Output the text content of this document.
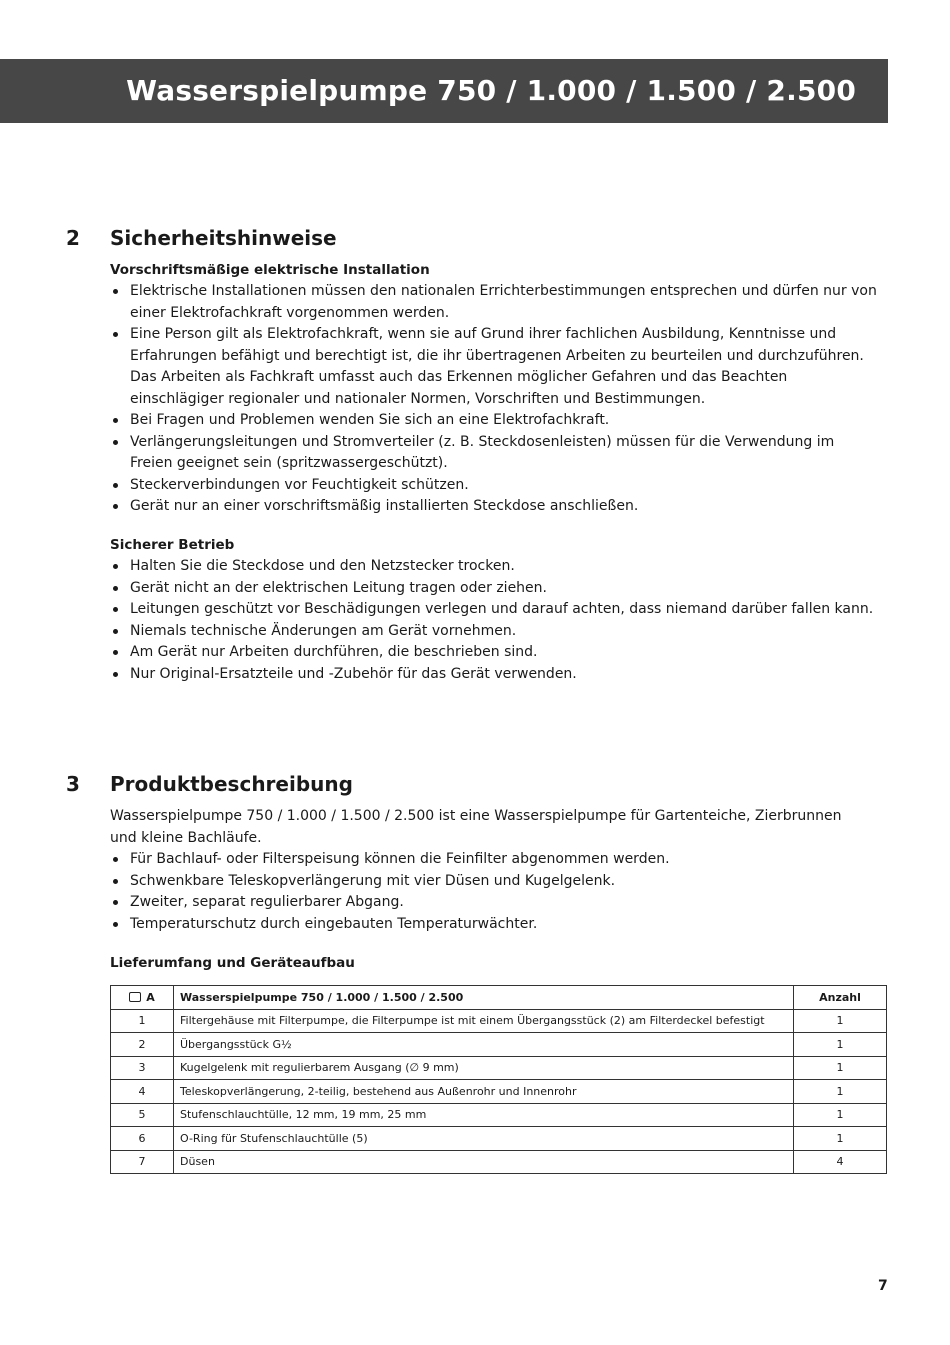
Wasserspielpumpe 750 / 1.000 / 1.500 / 2.500
2 Sicherheitshinweise

Vorschriftsmäßige elektrische Installation

Elektrische Installationen müssen den nationalen Errichterbestimmungen entsprechen und dürfen nur von einer Elektrofachkraft vorgenommen werden.
Eine Person gilt als Elektrofachkraft, wenn sie auf Grund ihrer fachlichen Ausbildung, Kenntnisse und Erfahrungen befähigt und berechtigt ist, die ihr übertragenen Arbeiten zu beurteilen und durchzuführen. Das Arbeiten als Fachkraft umfasst auch das Erkennen möglicher Gefahren und das Beachten einschlägiger regionaler und nationaler Normen, Vorschriften und Bestimmungen.
Bei Fragen und Problemen wenden Sie sich an eine Elektrofachkraft.
Verlängerungsleitungen und Stromverteiler (z. B. Steckdosenleisten) müssen für die Verwendung im Freien geeignet sein (spritzwassergeschützt).
Steckerverbindungen vor Feuchtigkeit schützen.
Gerät nur an einer vorschriftsmäßig installierten Steckdose anschließen.

Sicherer Betrieb

Halten Sie die Steckdose und den Netzstecker trocken.
Gerät nicht an der elektrischen Leitung tragen oder ziehen.
Leitungen geschützt vor Beschädigungen verlegen und darauf achten, dass niemand darüber fallen kann.
Niemals technische Änderungen am Gerät vornehmen.
Am Gerät nur Arbeiten durchführen, die beschrieben sind.
Nur Original-Ersatzteile und -Zubehör für das Gerät verwenden.
3 Produktbeschreibung

Wasserspielpumpe 750 / 1.000 / 1.500 / 2.500 ist eine Wasserspielpumpe für Gartenteiche, Zierbrunnen und kleine Bachläufe.

Für Bachlauf- oder Filterspeisung können die Feinfilter abgenommen werden.
Schwenkbare Teleskopverlängerung mit vier Düsen und Kugelgelenk.
Zweiter, separat regulierbarer Abgang.
Temperaturschutz durch eingebauten Temperaturwächter.

Lieferumfang und Geräteaufbau

A	Wasserspielpumpe 750 / 1.000 / 1.500 / 2.500	Anzahl
1	Filtergehäuse mit Filterpumpe, die Filterpumpe ist mit einem Übergangsstück (2) am Filterdeckel befestigt	1
2	Übergangsstück G½	1
3	Kugelgelenk mit regulierbarem Ausgang (∅ 9 mm)	1
4	Teleskopverlängerung, 2-teilig, bestehend aus Außenrohr und Innenrohr	1
5	Stufenschlauchtülle, 12 mm, 19 mm, 25 mm	1
6	O-Ring für Stufenschlauchtülle (5)	1
7	Düsen	4
7
